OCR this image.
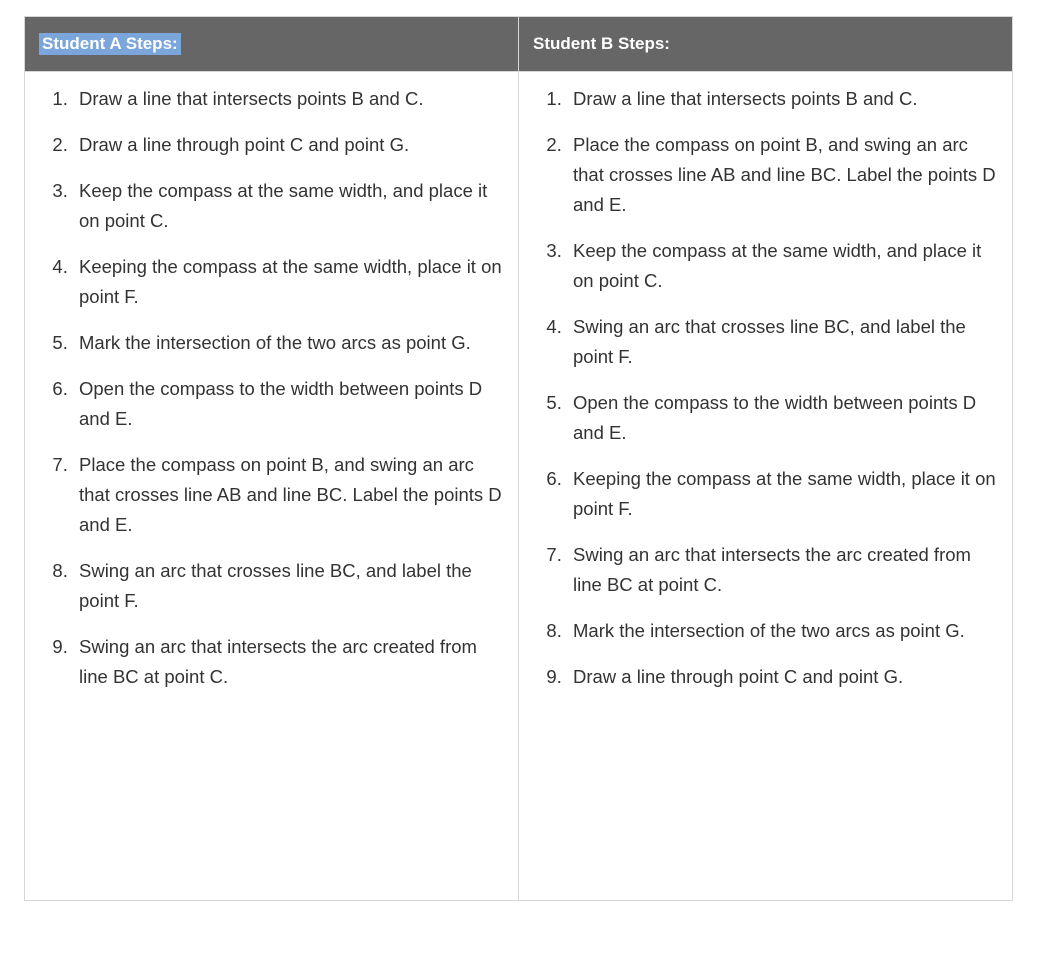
Student A Steps:	Student B Steps:

1. Draw a line that intersects points B and C.
2. Draw a line through point C and point G.
3. Keep the compass at the same width, and place it on point C.
4. Keeping the compass at the same width, place it on point F.
5. Mark the intersection of the two arcs as point G.
6. Open the compass to the width between points D and E.
7. Place the compass on point B, and swing an arc that crosses line AB and line BC. Label the points D and E.
8. Swing an arc that crosses line BC, and label the point F.
9. Swing an arc that intersects the arc created from line BC at point C.

1. Draw a line that intersects points B and C.
2. Place the compass on point B, and swing an arc that crosses line AB and line BC. Label the points D and E.
3. Keep the compass at the same width, and place it on point C.
4. Swing an arc that crosses line BC, and label the point F.
5. Open the compass to the width between points D and E.
6. Keeping the compass at the same width, place it on point F.
7. Swing an arc that intersects the arc created from line BC at point C.
8. Mark the intersection of the two arcs as point G.
9. Draw a line through point C and point G.
